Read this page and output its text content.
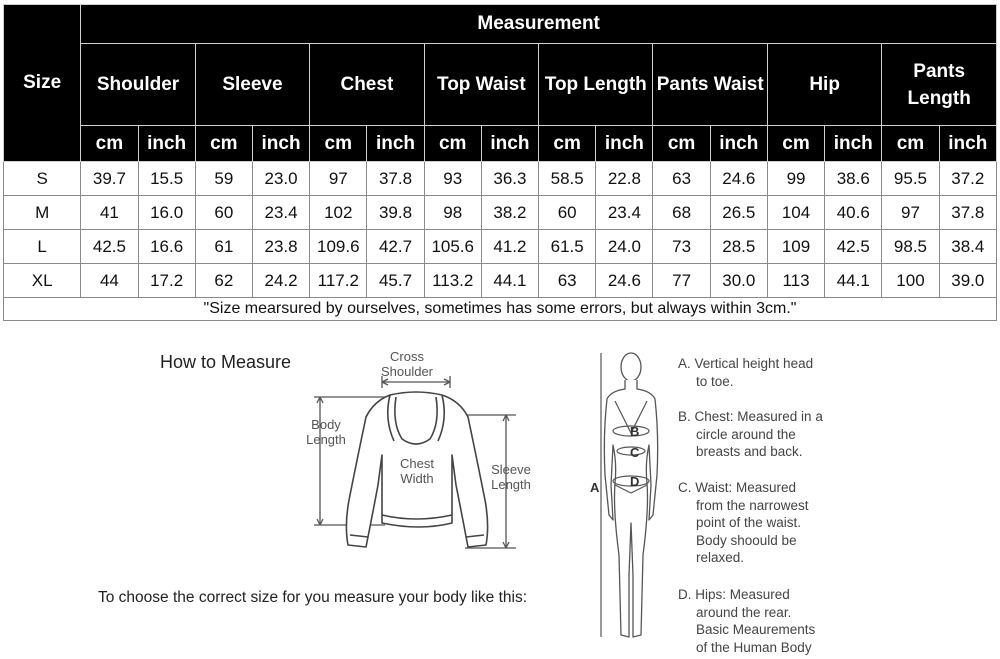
Size	Measurement															
	Shoulder		Sleeve		Chest		Top Waist		Top Length		Pants Waist		Hip		Pants Length	
	cm	inch	cm	inch	cm	inch	cm	inch	cm	inch	cm	inch	cm	inch	cm	inch
S	39.7	15.5	59	23.0	97	37.8	93	36.3	58.5	22.8	63	24.6	99	38.6	95.5	37.2
M	41	16.0	60	23.4	102	39.8	98	38.2	60	23.4	68	26.5	104	40.6	97	37.8
L	42.5	16.6	61	23.8	109.6	42.7	105.6	41.2	61.5	24.0	73	28.5	109	42.5	98.5	38.4
XL	44	17.2	62	24.2	117.2	45.7	113.2	44.1	63	24.6	77	30.0	113	44.1	100	39.0
"Size mearsured by ourselves, sometimes has some errors, but always within 3cm."																
How to Measure	Cross
Shoulder
Body
Length
Chest
Width
Sleeve
Length
To choose the correct size for you measure your body like this:
B
C
A D
A. Vertical height head
to toe.
B. Chest: Measured in a
circle around the
breasts and back.
C. Waist: Measured
from the narrowest
point of the waist.
Body shoould be
relaxed.
D. Hips: Measured
around the rear.
Basic Meaurements
of the Human Body
